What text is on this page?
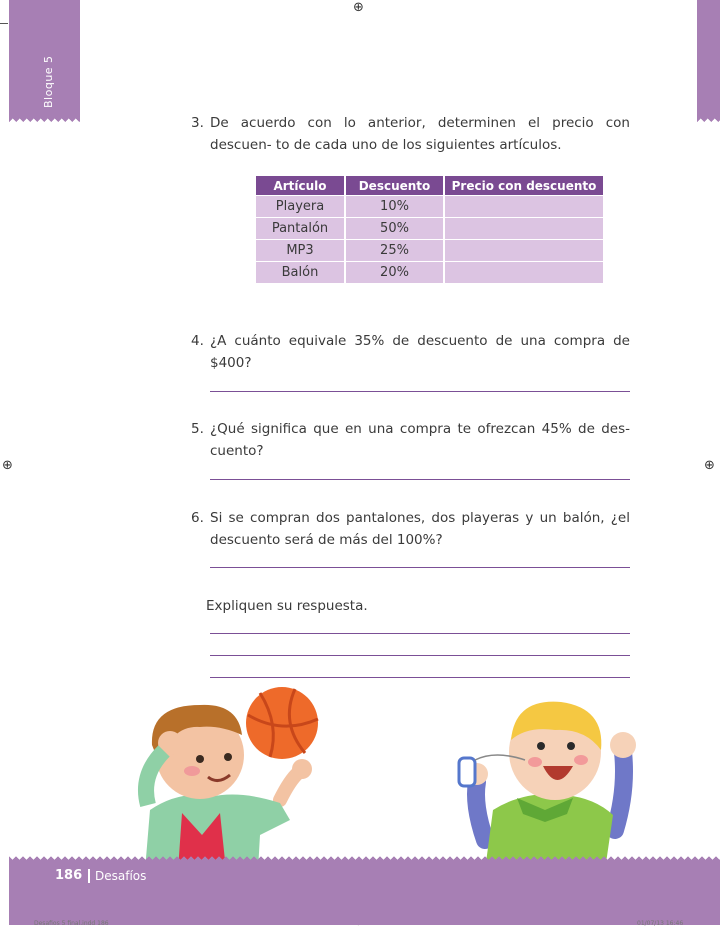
⊕
⊕	⊕
Bloque 5
3. De acuerdo con lo anterior, determinen el precio con descuen- to de cada uno de los siguientes artículos.
Artículo	Descuento	Precio con descuento
Playera	10%	
Pantalón	50%	
MP3	25%	
Balón	20%	
4. ¿A cuánto equivale 35% de descuento de una compra de $400?
5. ¿Qué significa que en una compra te ofrezcan 45% de des- cuento?
6. Si se compran dos pantalones, dos playeras y un balón, ¿el descuento será de más del 100%?
Expliquen su respuesta.
186 Desafíos
Desafios 5 final.indd 186	01/07/13 16:46
